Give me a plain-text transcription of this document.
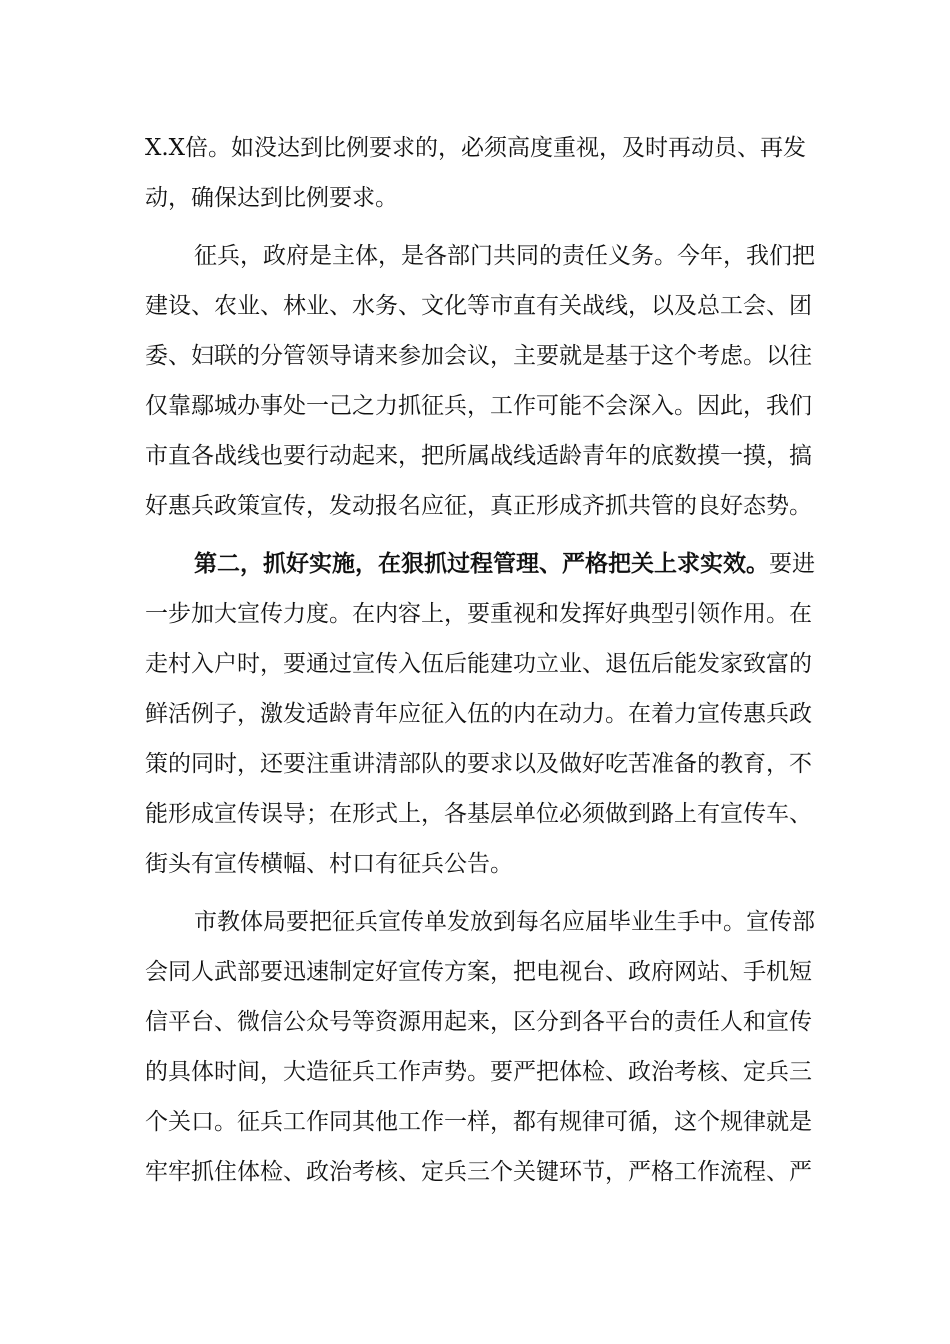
X.X倍。如没达到比例要求的，必须高度重视，及时再动员、再发
动，确保达到比例要求。
征兵，政府是主体，是各部门共同的责任义务。今年，我们把
建设、农业、林业、水务、文化等市直有关战线，以及总工会、团
委、妇联的分管领导请来参加会议，主要就是基于这个考虑。以往
仅靠鄢城办事处一己之力抓征兵，工作可能不会深入。因此，我们
市直各战线也要行动起来，把所属战线适龄青年的底数摸一摸，搞
好惠兵政策宣传，发动报名应征，真正形成齐抓共管的良好态势。
第二，抓好实施，在狠抓过程管理、严格把关上求实效。要进
一步加大宣传力度。在内容上，要重视和发挥好典型引领作用。在
走村入户时，要通过宣传入伍后能建功立业、退伍后能发家致富的
鲜活例子，激发适龄青年应征入伍的内在动力。在着力宣传惠兵政
策的同时，还要注重讲清部队的要求以及做好吃苦准备的教育，不
能形成宣传误导；在形式上，各基层单位必须做到路上有宣传车、
街头有宣传横幅、村口有征兵公告。
市教体局要把征兵宣传单发放到每名应届毕业生手中。宣传部
会同人武部要迅速制定好宣传方案，把电视台、政府网站、手机短
信平台、微信公众号等资源用起来，区分到各平台的责任人和宣传
的具体时间，大造征兵工作声势。要严把体检、政治考核、定兵三
个关口。征兵工作同其他工作一样，都有规律可循，这个规律就是
牢牢抓住体检、政治考核、定兵三个关键环节，严格工作流程、严
